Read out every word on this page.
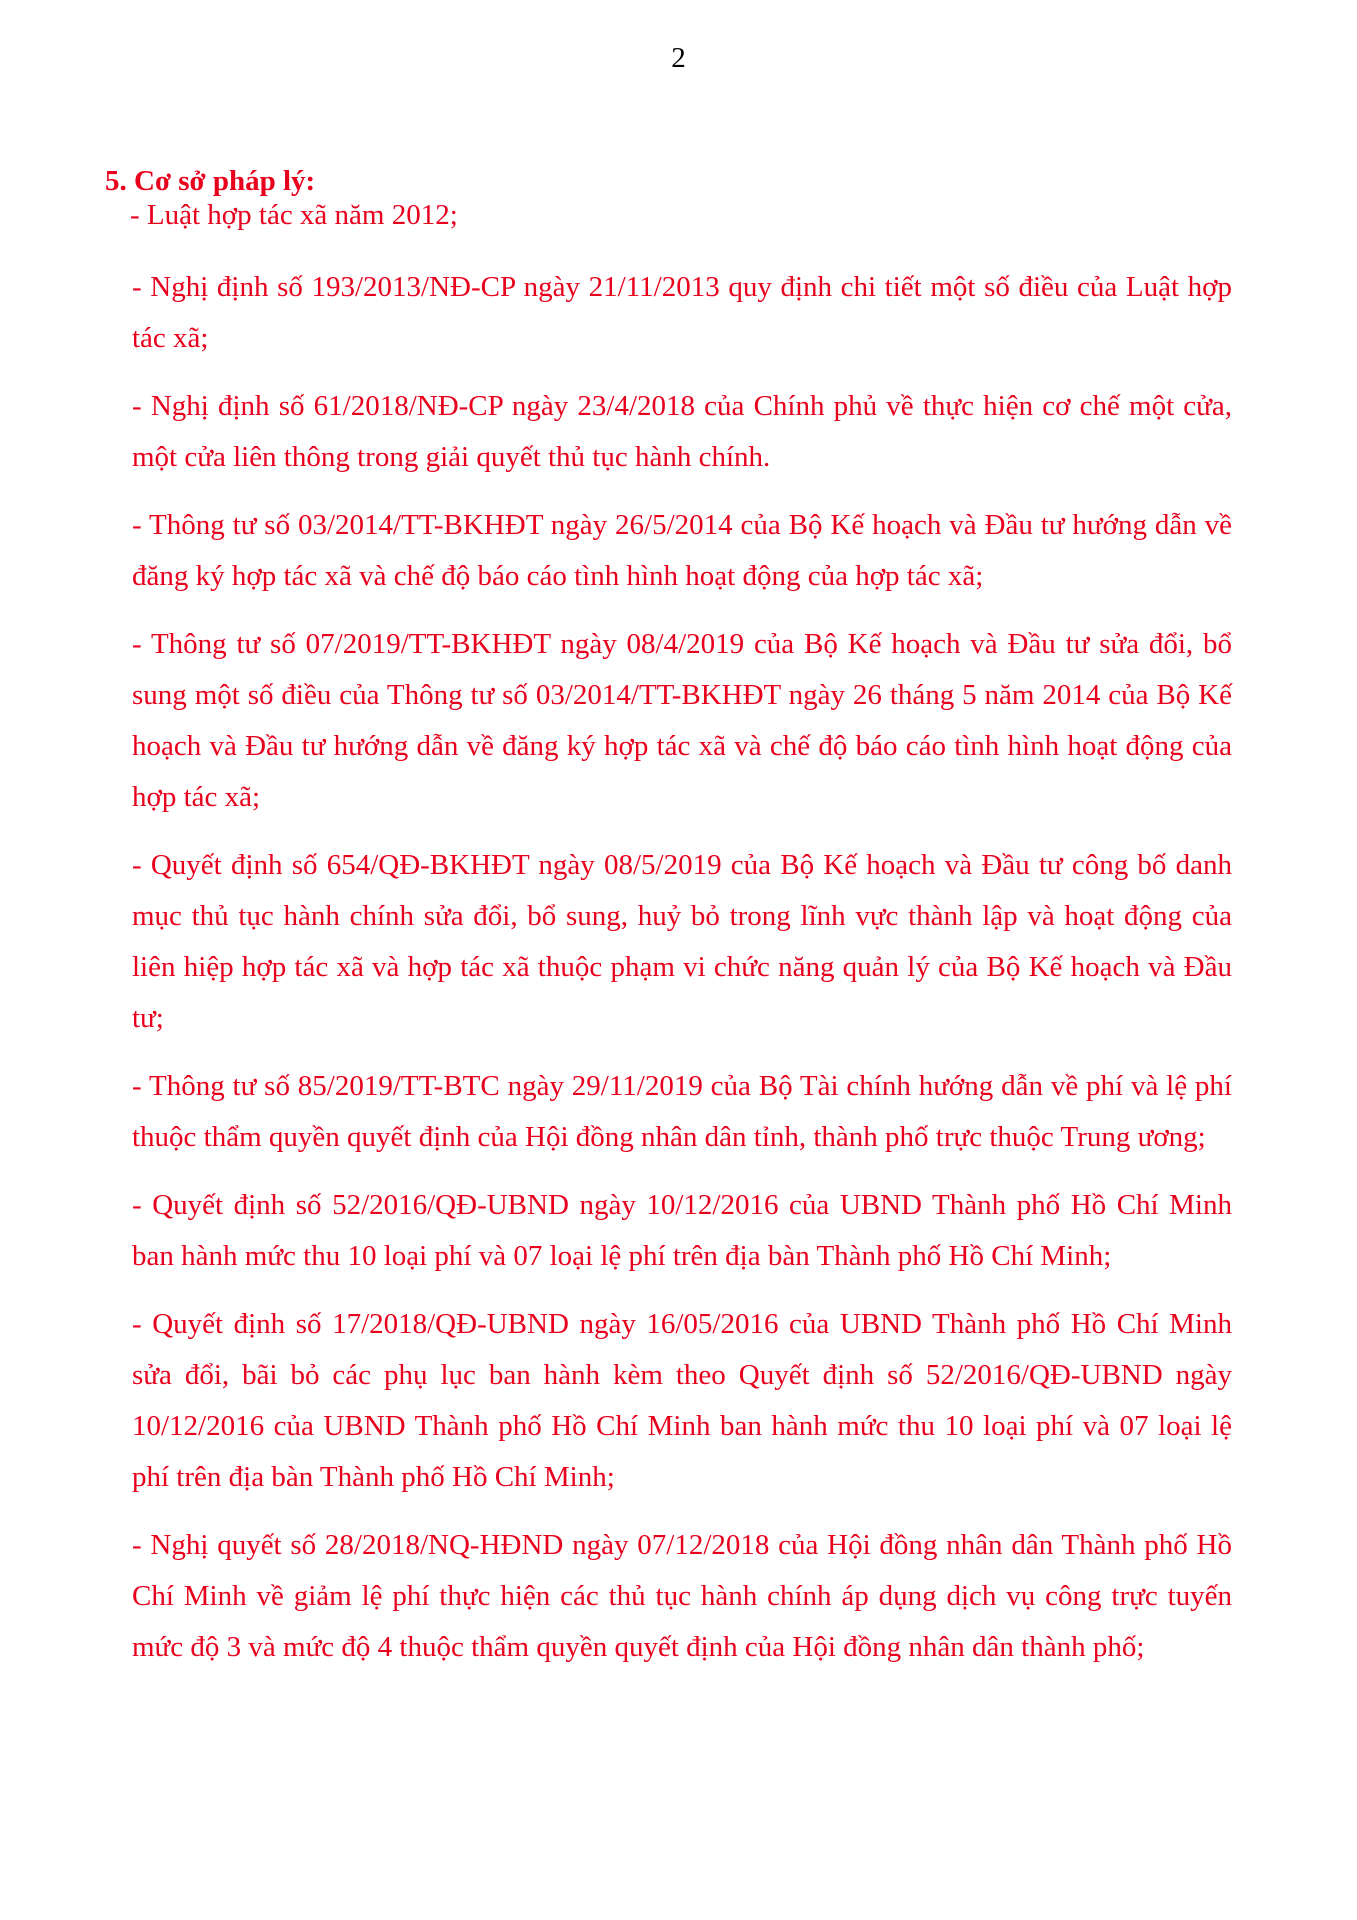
2
5. Cơ sở pháp lý:
- Luật hợp tác xã năm 2012;

- Nghị định số 193/2013/NĐ-CP ngày 21/11/2013 quy định chi tiết một số điều của Luật hợp tác xã;

- Nghị định số 61/2018/NĐ-CP ngày 23/4/2018 của Chính phủ về thực hiện cơ chế một cửa, một cửa liên thông trong giải quyết thủ tục hành chính.

- Thông tư số 03/2014/TT-BKHĐT ngày 26/5/2014 của Bộ Kế hoạch và Đầu tư hướng dẫn về đăng ký hợp tác xã và chế độ báo cáo tình hình hoạt động của hợp tác xã;

- Thông tư số 07/2019/TT-BKHĐT ngày 08/4/2019 của Bộ Kế hoạch và Đầu tư sửa đổi, bổ sung một số điều của Thông tư số 03/2014/TT-BKHĐT ngày 26 tháng 5 năm 2014 của Bộ Kế hoạch và Đầu tư hướng dẫn về đăng ký hợp tác xã và chế độ báo cáo tình hình hoạt động của hợp tác xã;

- Quyết định số 654/QĐ-BKHĐT ngày 08/5/2019 của Bộ Kế hoạch và Đầu tư công bố danh mục thủ tục hành chính sửa đổi, bổ sung, huỷ bỏ trong lĩnh vực thành lập và hoạt động của liên hiệp hợp tác xã và hợp tác xã thuộc phạm vi chức năng quản lý của Bộ Kế hoạch và Đầu tư;

- Thông tư số 85/2019/TT-BTC ngày 29/11/2019 của Bộ Tài chính hướng dẫn về phí và lệ phí thuộc thẩm quyền quyết định của Hội đồng nhân dân tỉnh, thành phố trực thuộc Trung ương;

- Quyết định số 52/2016/QĐ-UBND ngày 10/12/2016 của UBND Thành phố Hồ Chí Minh ban hành mức thu 10 loại phí và 07 loại lệ phí trên địa bàn Thành phố Hồ Chí Minh;

- Quyết định số 17/2018/QĐ-UBND ngày 16/05/2016 của UBND Thành phố Hồ Chí Minh sửa đổi, bãi bỏ các phụ lục ban hành kèm theo Quyết định số 52/2016/QĐ-UBND ngày 10/12/2016 của UBND Thành phố Hồ Chí Minh ban hành mức thu 10 loại phí và 07 loại lệ phí trên địa bàn Thành phố Hồ Chí Minh;

- Nghị quyết số 28/2018/NQ-HĐND ngày 07/12/2018 của Hội đồng nhân dân Thành phố Hồ Chí Minh về giảm lệ phí thực hiện các thủ tục hành chính áp dụng dịch vụ công trực tuyến mức độ 3 và mức độ 4 thuộc thẩm quyền quyết định của Hội đồng nhân dân thành phố;
